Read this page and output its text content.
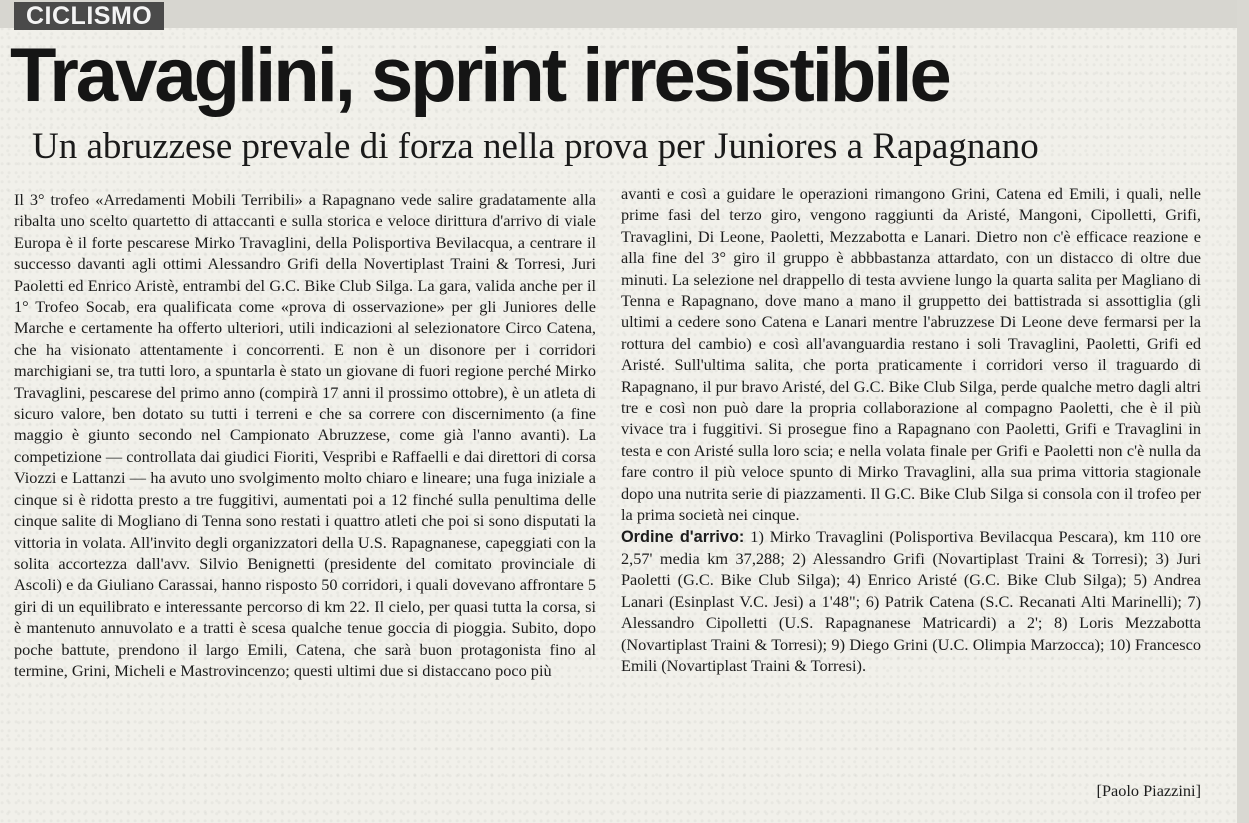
CICLISMO
Travaglini, sprint irresistibile
Un abruzzese prevale di forza nella prova per Juniores a Rapagnano

Il 3° trofeo «Arredamenti Mobili Terribili» a Rapagnano vede salire gradatamente alla ribalta uno scelto quartetto di attaccanti e sulla storica e veloce dirittura d'arrivo di viale Europa è il forte pescarese Mirko Travaglini, della Polisportiva Bevilacqua, a centrare il successo davanti agli ottimi Alessandro Grifi della Novertiplast Traini & Torresi, Juri Paoletti ed Enrico Aristè, entrambi del G.C. Bike Club Silga. La gara, valida anche per il 1° Trofeo Socab, era qualificata come «prova di osservazione» per gli Juniores delle Marche e certamente ha offerto ulteriori, utili indicazioni al selezionatore Circo Catena, che ha visionato attentamente i concorrenti. E non è un disonore per i corridori marchigiani se, tra tutti loro, a spuntarla è stato un giovane di fuori regione perché Mirko Travaglini, pescarese del primo anno (compirà 17 anni il prossimo ottobre), è un atleta di sicuro valore, ben dotato su tutti i terreni e che sa correre con discernimento (a fine maggio è giunto secondo nel Campionato Abruzzese, come già l'anno avanti). La competizione — controllata dai giudici Fioriti, Vespribi e Raffaelli e dai direttori di corsa Viozzi e Lattanzi — ha avuto uno svolgimento molto chiaro e lineare; una fuga iniziale a cinque si è ridotta presto a tre fuggitivi, aumentati poi a 12 finché sulla penultima delle cinque salite di Mogliano di Tenna sono restati i quattro atleti che poi si sono disputati la vittoria in volata. All'invito degli organizzatori della U.S. Rapagnanese, capeggiati con la solita accortezza dall'avv. Silvio Benignetti (presidente del comitato provinciale di Ascoli) e da Giuliano Carassai, hanno risposto 50 corridori, i quali dovevano affrontare 5 giri di un equilibrato e interessante percorso di km 22. Il cielo, per quasi tutta la corsa, si è mantenuto annuvolato e a tratti è scesa qualche tenue goccia di pioggia. Subito, dopo poche battute, prendono il largo Emili, Catena, che sarà buon protagonista fino al termine, Grini, Micheli e Mastrovincenzo; questi ultimi due si distaccano poco più

avanti e così a guidare le operazioni rimangono Grini, Catena ed Emili, i quali, nelle prime fasi del terzo giro, vengono raggiunti da Aristé, Mangoni, Cipolletti, Grifi, Travaglini, Di Leone, Paoletti, Mezzabotta e Lanari. Dietro non c'è efficace reazione e alla fine del 3° giro il gruppo è abbbastanza attardato, con un distacco di oltre due minuti. La selezione nel drappello di testa avviene lungo la quarta salita per Magliano di Tenna e Rapagnano, dove mano a mano il gruppetto dei battistrada si assottiglia (gli ultimi a cedere sono Catena e Lanari mentre l'abruzzese Di Leone deve fermarsi per la rottura del cambio) e così all'avanguardia restano i soli Travaglini, Paoletti, Grifi ed Aristé. Sull'ultima salita, che porta praticamente i corridori verso il traguardo di Rapagnano, il pur bravo Aristé, del G.C. Bike Club Silga, perde qualche metro dagli altri tre e così non può dare la propria collaborazione al compagno Paoletti, che è il più vivace tra i fuggitivi. Si prosegue fino a Rapagnano con Paoletti, Grifi e Travaglini in testa e con Aristé sulla loro scia; e nella volata finale per Grifi e Paoletti non c'è nulla da fare contro il più veloce spunto di Mirko Travaglini, alla sua prima vittoria stagionale dopo una nutrita serie di piazzamenti. Il G.C. Bike Club Silga si consola con il trofeo per la prima società nei cinque.

Ordine d'arrivo: 1) Mirko Travaglini (Polisportiva Bevilacqua Pescara), km 110 ore 2,57' media km 37,288; 2) Alessandro Grifi (Novartiplast Traini & Torresi); 3) Juri Paoletti (G.C. Bike Club Silga); 4) Enrico Aristé (G.C. Bike Club Silga); 5) Andrea Lanari (Esinplast V.C. Jesi) a 1'48"; 6) Patrik Catena (S.C. Recanati Alti Marinelli); 7) Alessandro Cipolletti (U.S. Rapagnanese Matricardi) a 2'; 8) Loris Mezzabotta (Novartiplast Traini & Torresi); 9) Diego Grini (U.C. Olimpia Marzocca); 10) Francesco Emili (Novartiplast Traini & Torresi).

[Paolo Piazzini]
